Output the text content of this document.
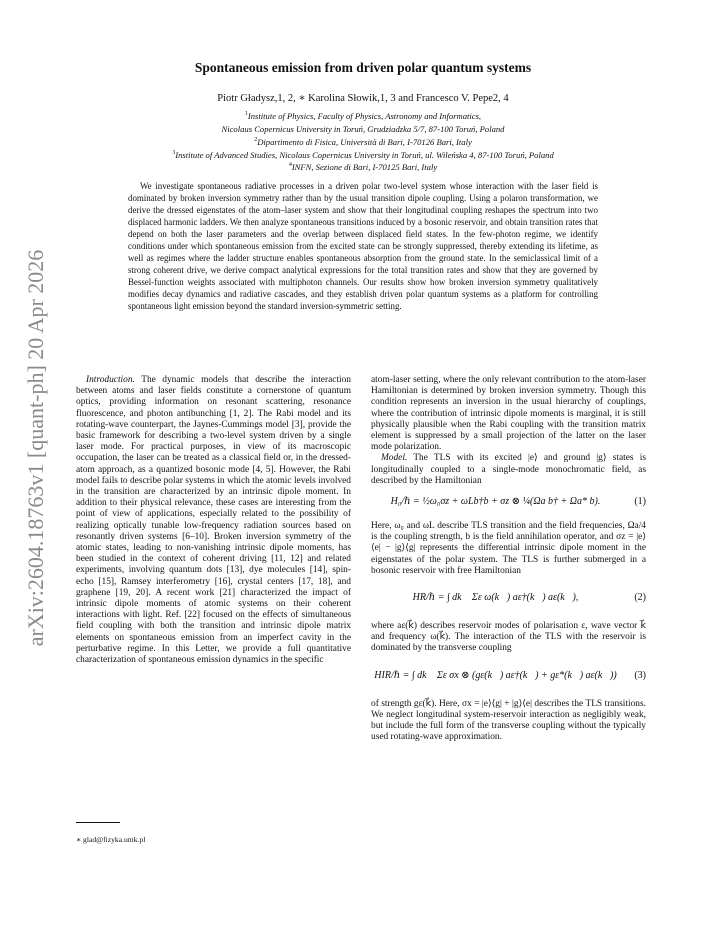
arXiv:2604.18763v1 [quant-ph] 20 Apr 2026
Spontaneous emission from driven polar quantum systems
Piotr Gładysz,1, 2, ∗ Karolina Słowik,1, 3 and Francesco V. Pepe2, 4
$^1$Institute of Physics, Faculty of Physics, Astronomy and Informatics,
Nicolaus Copernicus University in Toruń, Grudziadzka 5/7, 87-100 Toruń, Poland
$^2$Dipartimento di Fisica, Università di Bari, I-70126 Bari, Italy
$^3$Institute of Advanced Studies, Nicolaus Copernicus University in Toruń, ul. Wileńska 4, 87-100 Toruń, Poland
$^4$INFN, Sezione di Bari, I-70125 Bari, Italy
We investigate spontaneous radiative processes in a driven polar two-level system whose interaction with the laser field is dominated by broken inversion symmetry rather than by the usual transition dipole coupling. Using a polaron transformation, we derive the dressed eigenstates of the atom–laser system and show that their longitudinal coupling reshapes the spectrum into two displaced harmonic ladders. We then analyze spontaneous transitions induced by a bosonic reservoir, and obtain transition rates that depend on both the laser parameters and the overlap between displaced field states. In the few-photon regime, we identify conditions under which spontaneous emission from the excited state can be strongly suppressed, thereby extending its lifetime, as well as regimes where the ladder structure enables spontaneous absorption from the ground state. In the semiclassical limit of a strong coherent drive, we derive compact analytical expressions for the total transition rates and show that they are governed by Bessel-function weights associated with multiphoton channels. Our results show how broken inversion symmetry qualitatively modifies decay dynamics and radiative cascades, and they establish driven polar quantum systems as a platform for controlling spontaneous light emission beyond the standard inversion-symmetric setting.

Introduction. The dynamic models that describe the interaction between atoms and laser fields constitute a cornerstone of quantum optics, providing information on resonant scattering, resonance fluorescence, and photon antibunching [1, 2]. The Rabi model and its rotating-wave counterpart, the Jaynes-Cummings model [3], provide the basic framework for describing a two-level system driven by a single laser mode. For practical purposes, in view of its macroscopic occupation, the laser can be treated as a classical field or, in the dressed-atom approach, as a quantized bosonic mode [4, 5]. However, the Rabi model fails to describe polar systems in which the atomic levels involved in the transition are characterized by an intrinsic dipole moment. In addition to their physical relevance, these cases are interesting from the point of view of applications, especially related to the possibility of realizing optically tunable low-frequency radiation sources based on resonantly driven systems [6–10]. Broken inversion symmetry of the atomic states, leading to non-vanishing intrinsic dipole moments, has been studied in the context of coherent driving [11, 12] and related experiments, involving quantum dots [13], dye molecules [14], spin-echo [15], Ramsey interferometry [16], crystal centers [17, 18], and graphene [19, 20]. A recent work [21] characterized the impact of intrinsic dipole moments of atomic systems on their coherent interactions with light. Ref. [22] focused on the effects of simultaneous field coupling with both the transition and intrinsic dipole matrix elements on spontaneous emission from an imperfect cavity in the perturbative regime. In this Letter, we provide a full quantitative characterization of spontaneous emission dynamics in the specific

atom-laser setting, where the only relevant contribution to the atom-laser Hamiltonian is determined by broken inversion symmetry. Though this condition represents an inversion in the usual hierarchy of couplings, where the contribution of intrinsic dipole moments is marginal, it is still physically plausible when the Rabi coupling with the transition matrix element is suppressed by a small projection of the latter on the laser mode polarization.

Model. The TLS with its excited |e⟩ and ground |g⟩ states is longitudinally coupled to a single-mode monochromatic field, as described by the Hamiltonian

H₀/ℏ = ½ω₀σz + ωLb†b + σz ⊗ ¼(Ωa b† + Ωa* b).	(1)

Here, ω₀ and ωL describe TLS transition and the field frequencies, Ωa/4 is the coupling strength, b is the field annihilation operator, and σz = |e⟩⟨e| − |g⟩⟨g| represents the differential intrinsic dipole moment in the eigenstates of the polar system. The TLS is further submerged in a bosonic reservoir with free Hamiltonian

HR/ℏ = ∫ dk⃗ Σε ω(k⃗) aε†(k⃗) aε(k⃗),	(2)

where aε(k⃗) describes reservoir modes of polarisation ε, wave vector k⃗ and frequency ω(k⃗). The interaction of the TLS with the reservoir is dominated by the transverse coupling

HIR/ℏ = ∫ dk⃗ Σε σx ⊗ (gε(k⃗) aε†(k⃗) + gε*(k⃗) aε(k⃗))	(3)

of strength gε(k⃗). Here, σx = |e⟩⟨g| + |g⟩⟨e| describes the TLS transitions. We neglect longitudinal system-reservoir interaction as negligibly weak, but include the full form of the transverse coupling without the typically used rotating-wave approximation.

∗ glad@fizyka.umk.pl
